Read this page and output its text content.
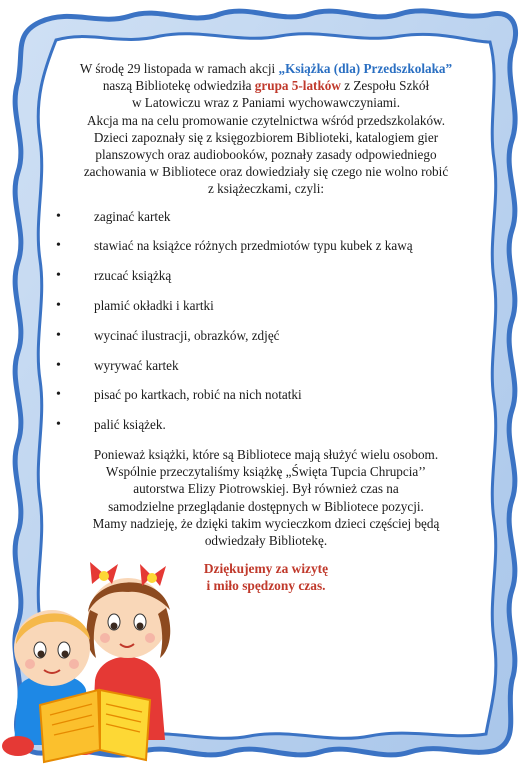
W środę 29 listopada w ramach akcji „Książka (dla) Przedszkolaka”

naszą Bibliotekę odwiedziła grupa 5-latków z Zespołu Szkół

w Latowiczu wraz z Paniami wychowawczyniami.

Akcja ma na celu promowanie czytelnictwa wśród przedszkolaków.

Dzieci zapoznały się z księgozbiorem Biblioteki, katalogiem gier

planszowych oraz audiobooków, poznały zasady odpowiedniego

zachowania w Bibliotece oraz dowiedziały się czego nie wolno robić

z książeczkami, czyli:

•	zaginać kartek
•	stawiać na książce różnych przedmiotów typu kubek z kawą
•	rzucać książką
•	plamić okładki i kartki
•	wycinać ilustracji, obrazków, zdjęć
•	wyrywać kartek
•	pisać po kartkach, robić na nich notatki
•	palić książek.

Ponieważ książki, które są Bibliotece mają służyć wielu osobom.

Wspólnie przeczytaliśmy książkę „Święta Tupcia Chrupcia’’

autorstwa Elizy Piotrowskiej. Był również czas na

samodzielne przeglądanie dostępnych w Bibliotece pozycji.

Mamy nadzieję, że dzięki takim wycieczkom dzieci częściej będą

odwiedzały Bibliotekę.

Dziękujemy za wizytę

i miło spędzony czas.
